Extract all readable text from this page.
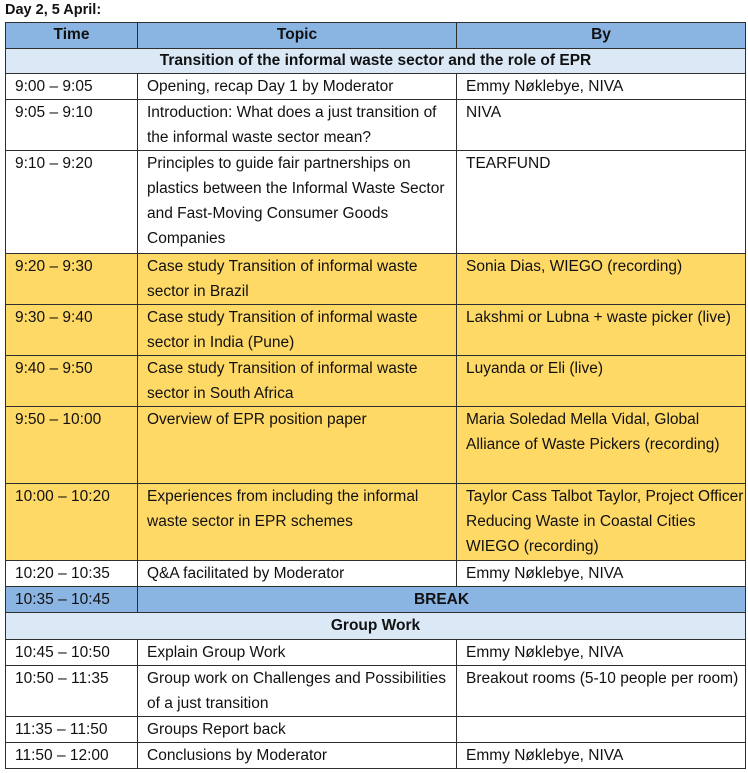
Day 2, 5 April:
Time	Topic	By
Transition of the informal waste sector and the role of EPR		
9:00 – 9:05	Opening, recap Day 1 by Moderator	Emmy Nøklebye, NIVA
9:05 – 9:10	Introduction: What does a just transition of the informal waste sector mean?	NIVA
9:10 – 9:20	Principles to guide fair partnerships on plastics between the Informal Waste Sector and Fast-Moving Consumer Goods Companies	TEARFUND
9:20 – 9:30	Case study Transition of informal waste sector in Brazil	Sonia Dias, WIEGO (recording)
9:30 – 9:40	Case study Transition of informal waste sector in India (Pune)	Lakshmi or Lubna + waste picker (live)
9:40 – 9:50	Case study Transition of informal waste sector in South Africa	Luyanda or Eli (live)
9:50 – 10:00	Overview of EPR position paper	Maria Soledad Mella Vidal, Global Alliance of Waste Pickers (recording)
10:00 – 10:20	Experiences from including the informal waste sector in EPR schemes	Taylor Cass Talbot Taylor, Project Officer Reducing Waste in Coastal Cities WIEGO (recording)
10:20 – 10:35	Q&A facilitated by Moderator	Emmy Nøklebye, NIVA
10:35 – 10:45	BREAK	
Group Work		
10:45 – 10:50	Explain Group Work	Emmy Nøklebye, NIVA
10:50 – 11:35	Group work on Challenges and Possibilities of a just transition	Breakout rooms (5-10 people per room)
11:35 – 11:50	Groups Report back	
11:50 – 12:00	Conclusions by Moderator	Emmy Nøklebye, NIVA
